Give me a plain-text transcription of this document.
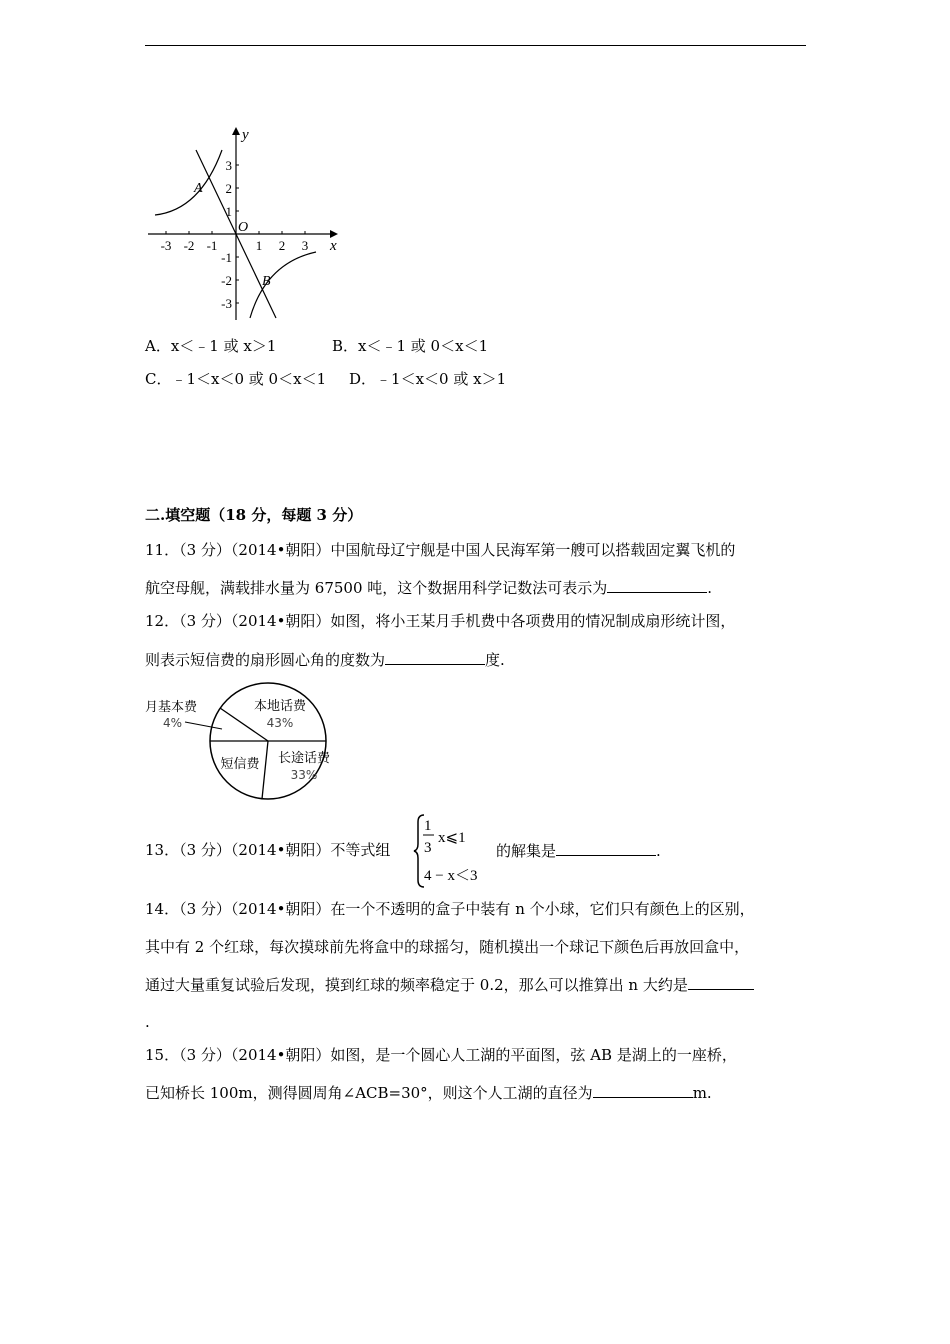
y
x
O
A
B
-3 -2 -1	1 2 3
3
2
1
-1
-2
-3
A．x＜﹣1 或 x＞1	B．x＜﹣1 或 0＜x＜1
C．﹣1＜x＜0 或 0＜x＜1 D．﹣1＜x＜0 或 x＞1
二.填空题（18 分，每题 3 分）
11．（3 分）（2014•朝阳）中国航母辽宁舰是中国人民海军第一艘可以搭载固定翼飞机的
航空母舰，满载排水量为 67500 吨，这个数据用科学记数法可表示为	.
12．（3 分）（2014•朝阳）如图，将小王某月手机费中各项费用的情况制成扇形统计图，
则表示短信费的扇形圆心角的度数为	度.
月基本费
4%
本地话费
43%
短信费 长途话费
33%
13．（3 分）（2014•朝阳）不等式组
1
3
x⩽1
4 − x＜3
的解集是	.
14．（3 分）（2014•朝阳）在一个不透明的盒子中装有 n 个小球，它们只有颜色上的区别，
其中有 2 个红球，每次摸球前先将盒中的球摇匀，随机摸出一个球记下颜色后再放回盒中，
通过大量重复试验后发现，摸到红球的频率稳定于 0.2，那么可以推算出 n 大约是
.
15．（3 分）（2014•朝阳）如图，是一个圆心人工湖的平面图，弦 AB 是湖上的一座桥，
已知桥长 100m，测得圆周角∠ACB=30°，则这个人工湖的直径为	m.
